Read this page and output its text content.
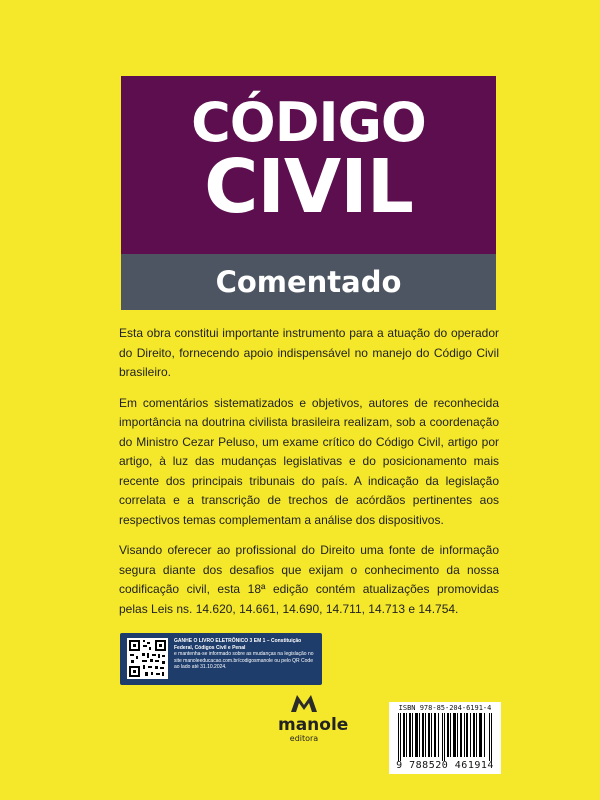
CÓDIGO
CIVIL
Comentado

Esta obra constitui importante instrumento para a atuação do operador do Direito, fornecendo apoio indispensável no manejo do Código Civil brasileiro.

Em comentários sistematizados e objetivos, autores de reconhecida importância na doutrina civilista brasileira realizam, sob a coordenação do Ministro Cezar Peluso, um exame crítico do Código Civil, artigo por artigo, à luz das mudanças legislativas e do posicionamento mais recente dos principais tribunais do país. A indicação da legislação correlata e a transcrição de trechos de acórdãos pertinentes aos respectivos temas complementam a análise dos dispositivos.

Visando oferecer ao profissional do Direito uma fonte de informação segura diante dos desafios que exijam o conhecimento da nossa codificação civil, esta 18ª edição contém atualizações promovidas pelas Leis ns. 14.620, 14.661, 14.690, 14.711, 14.713 e 14.754.

GANHE O LIVRO ELETRÔNICO 3 EM 1 – Constituição Federal, Códigos Civil e Penal
e mantenha-se informado sobre as mudanças na legislação no site manoleeducacao.com.br/codigosmanole ou pelo QR Code ao lado até 31.10.2024.
manole
editora
ISBN 978-85-204-6191-4
9 788520 461914
